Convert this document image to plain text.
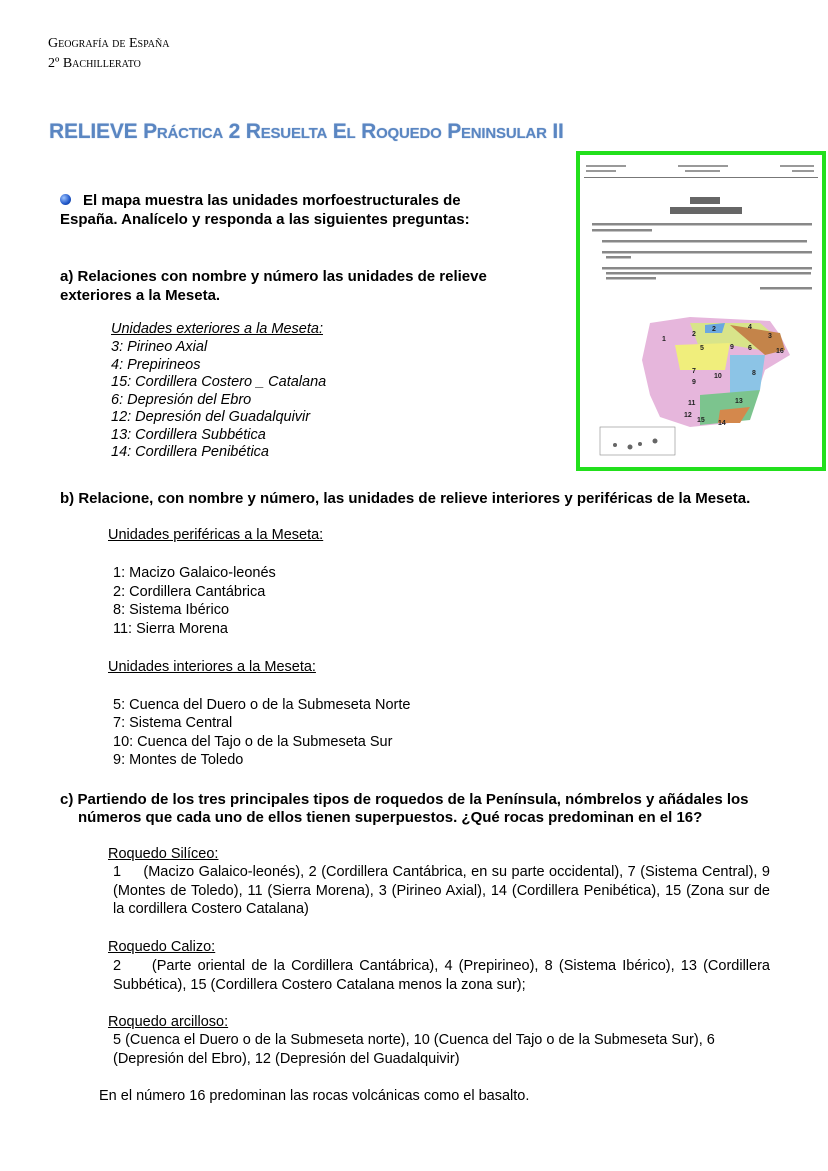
Geografía de España
2º Bachillerato
RELIEVE Práctica 2 Resuelta El Roquedo Peninsular II
El mapa muestra las unidades morfoestructurales de
España. Analícelo y responda a las siguientes preguntas:
a) Relaciones con nombre y número las unidades de relieve
exteriores a la Meseta.
Unidades exteriores a la Meseta:
3: Pirineo Axial
4: Prepirineos
15: Cordillera Costero _ Catalana
6: Depresión del Ebro
12: Depresión del Guadalquivir
13: Cordillera Subbética
14: Cordillera Penibética
1
2
2	4
3
5	6
9
16
7
10	8
9
11	13
12
15 14
b) Relacione, con nombre y número, las unidades de relieve interiores y periféricas de la Meseta.
Unidades periféricas a la Meseta:
1: Macizo Galaico-leonés
2: Cordillera Cantábrica
8: Sistema Ibérico
11: Sierra Morena
Unidades interiores a la Meseta:
5: Cuenca del Duero o de la Submeseta Norte
7: Sistema Central
10: Cuenca del Tajo o de la Submeseta Sur
9: Montes de Toledo
c) Partiendo de los tres principales tipos de roquedos de la Península, nómbrelos y añádales los
números que cada uno de ellos tienen superpuestos. ¿Qué rocas predominan en el 16?
Roquedo Silíceo:
1     (Macizo Galaico-leonés), 2 (Cordillera Cantábrica, en su parte occidental), 7 (Sistema Central), 9 (Montes de Toledo), 11 (Sierra Morena), 3 (Pirineo Axial), 14 (Cordillera Penibética), 15 (Zona sur de la cordillera Costero Catalana)
Roquedo Calizo:
2     (Parte oriental de la Cordillera Cantábrica), 4 (Prepirineo), 8 (Sistema Ibérico), 13 (Cordillera Subbética), 15 (Cordillera Costero Catalana menos la zona sur);
Roquedo arcilloso:
5 (Cuenca el Duero o de la Submeseta norte), 10 (Cuenca del Tajo o de la Submeseta Sur), 6 (Depresión del Ebro), 12 (Depresión del Guadalquivir)
En el número 16 predominan las rocas volcánicas como el basalto.
